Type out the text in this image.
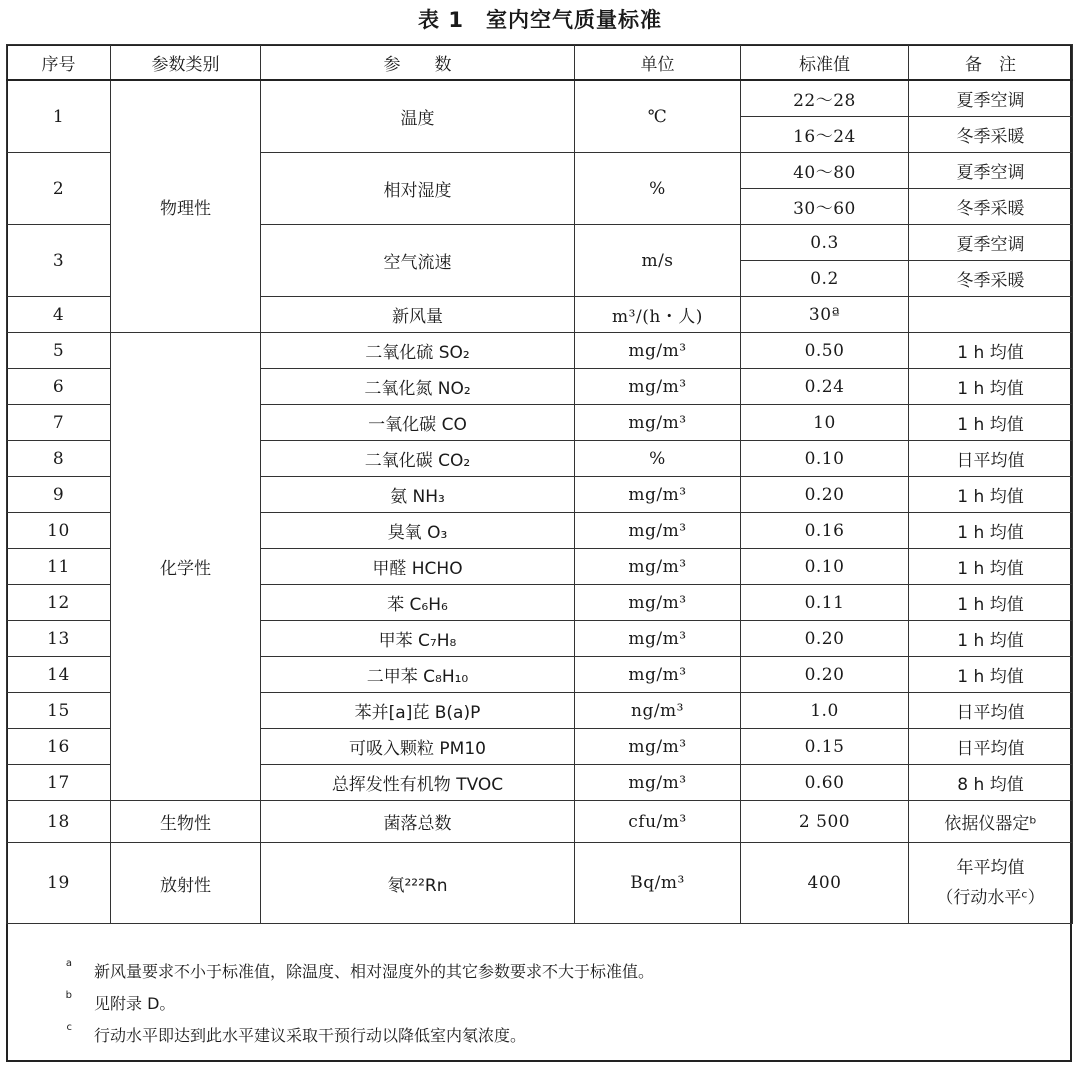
表 1　室内空气质量标准
序号	参数类别	参　　数	单位	标准值	备　注
1	物理性	温度	℃	22～28	夏季空调
				16～24	冬季采暖
2		相对湿度	%	40～80	夏季空调
				30～60	冬季采暖
3		空气流速	m/s	0.3	夏季空调
				0.2	冬季采暖
4		新风量	m³/(h・人)	30ª	
5	化学性	二氧化硫 SO₂	mg/m³	0.50	1 h 均值
6		二氧化氮 NO₂	mg/m³	0.24	1 h 均值
7		一氧化碳 CO	mg/m³	10	1 h 均值
8		二氧化碳 CO₂	%	0.10	日平均值
9		氨 NH₃	mg/m³	0.20	1 h 均值
10		臭氧 O₃	mg/m³	0.16	1 h 均值
11		甲醛 HCHO	mg/m³	0.10	1 h 均值
12		苯 C₆H₆	mg/m³	0.11	1 h 均值
13		甲苯 C₇H₈	mg/m³	0.20	1 h 均值
14		二甲苯 C₈H₁₀	mg/m³	0.20	1 h 均值
15		苯并[a]芘 B(a)P	ng/m³	1.0	日平均值
16		可吸入颗粒 PM10	mg/m³	0.15	日平均值
17		总挥发性有机物 TVOC	mg/m³	0.60	8 h 均值
18	生物性	菌落总数	cfu/m³	2 500	依据仪器定ᵇ
19	放射性	氡²²²Rn	Bq/m³	400	年平均值
（行动水平ᶜ）
a	新风量要求不小于标准值，除温度、相对湿度外的其它参数要求不大于标准值。
b	见附录 D。
c	行动水平即达到此水平建议采取干预行动以降低室内氡浓度。
